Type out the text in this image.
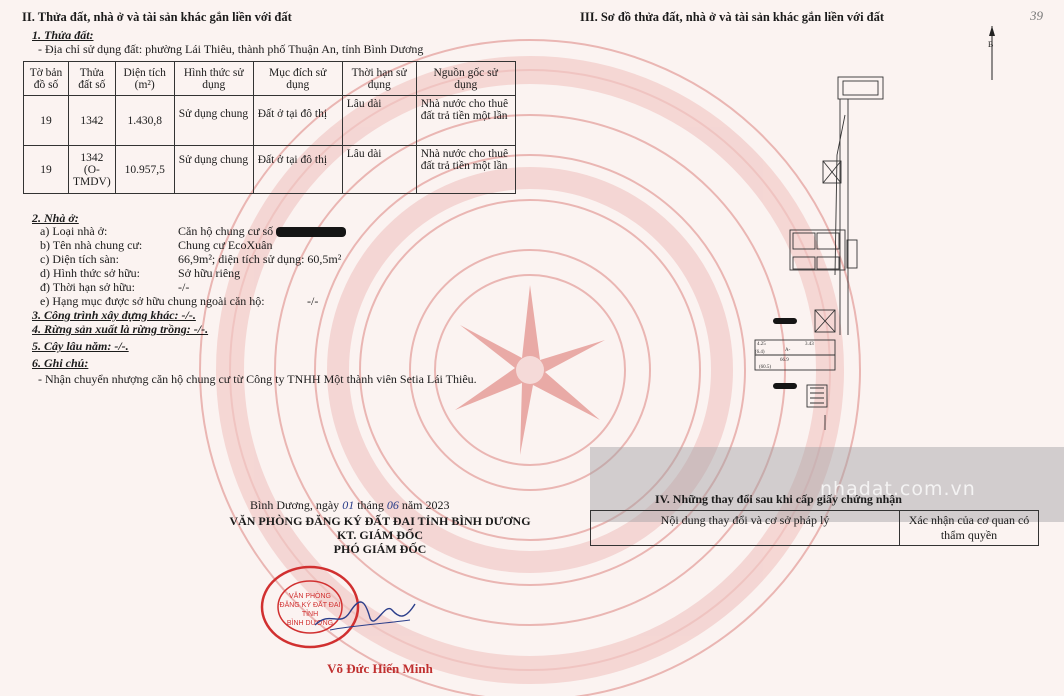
II. Thửa đất, nhà ở và tài sản khác gắn liền với đất
1. Thửa đất:
- Địa chỉ sử dụng đất: phường Lái Thiêu, thành phố Thuận An, tỉnh Bình Dương
Tờ bản đồ số	Thửa đất số	Diện tích (m²)	Hình thức sử dụng	Mục đích sử dụng	Thời hạn sử dụng	Nguồn gốc sử dụng
19	1342	1.430,8	Sử dụng chung	Đất ở tại đô thị	Lâu dài	Nhà nước cho thuê đất trả tiền một lần
19	1342 (O-TMDV)	10.957,5	Sử dụng chung	Đất ở tại đô thị	Lâu dài	Nhà nước cho thuê đất trả tiền một lần
2. Nhà ở:
a) Loại nhà ở:	Căn hộ chung cư số
b) Tên nhà chung cư:	Chung cư EcoXuân
c) Diện tích sàn:	66,9m²; diện tích sử dụng: 60,5m²
d) Hình thức sở hữu:	Sở hữu riêng
đ) Thời hạn sở hữu:	-/-
e) Hạng mục được sở hữu chung ngoài căn hộ:	-/-
3. Công trình xây dựng khác: -/-.
4. Rừng sản xuất là rừng trồng: -/-.
5. Cây lâu năm: -/-.
6. Ghi chú:
- Nhận chuyển nhượng căn hộ chung cư từ Công ty TNHH Một thành viên Setia Lái Thiêu.
Bình Dương, ngày 01 tháng 06 năm 2023
VĂN PHÒNG ĐĂNG KÝ ĐẤT ĐAI TỈNH BÌNH DƯƠNG
KT. GIÁM ĐỐC
PHÓ GIÁM ĐỐC
VĂN PHÒNG
ĐĂNG KÝ ĐẤT ĐAI
TỈNH
BÌNH DƯƠNG
Võ Đức Hiến Minh
III. Sơ đồ thửa đất, nhà ở và tài sản khác gắn liền với đất	39
B
4.25
A-
66.9
(60.5)
(6.4)
3.43
nhadat.com.vn
IV. Những thay đổi sau khi cấp giấy chứng nhận
Nội dung thay đổi và cơ sở pháp lý	Xác nhận của cơ quan có thẩm quyền
